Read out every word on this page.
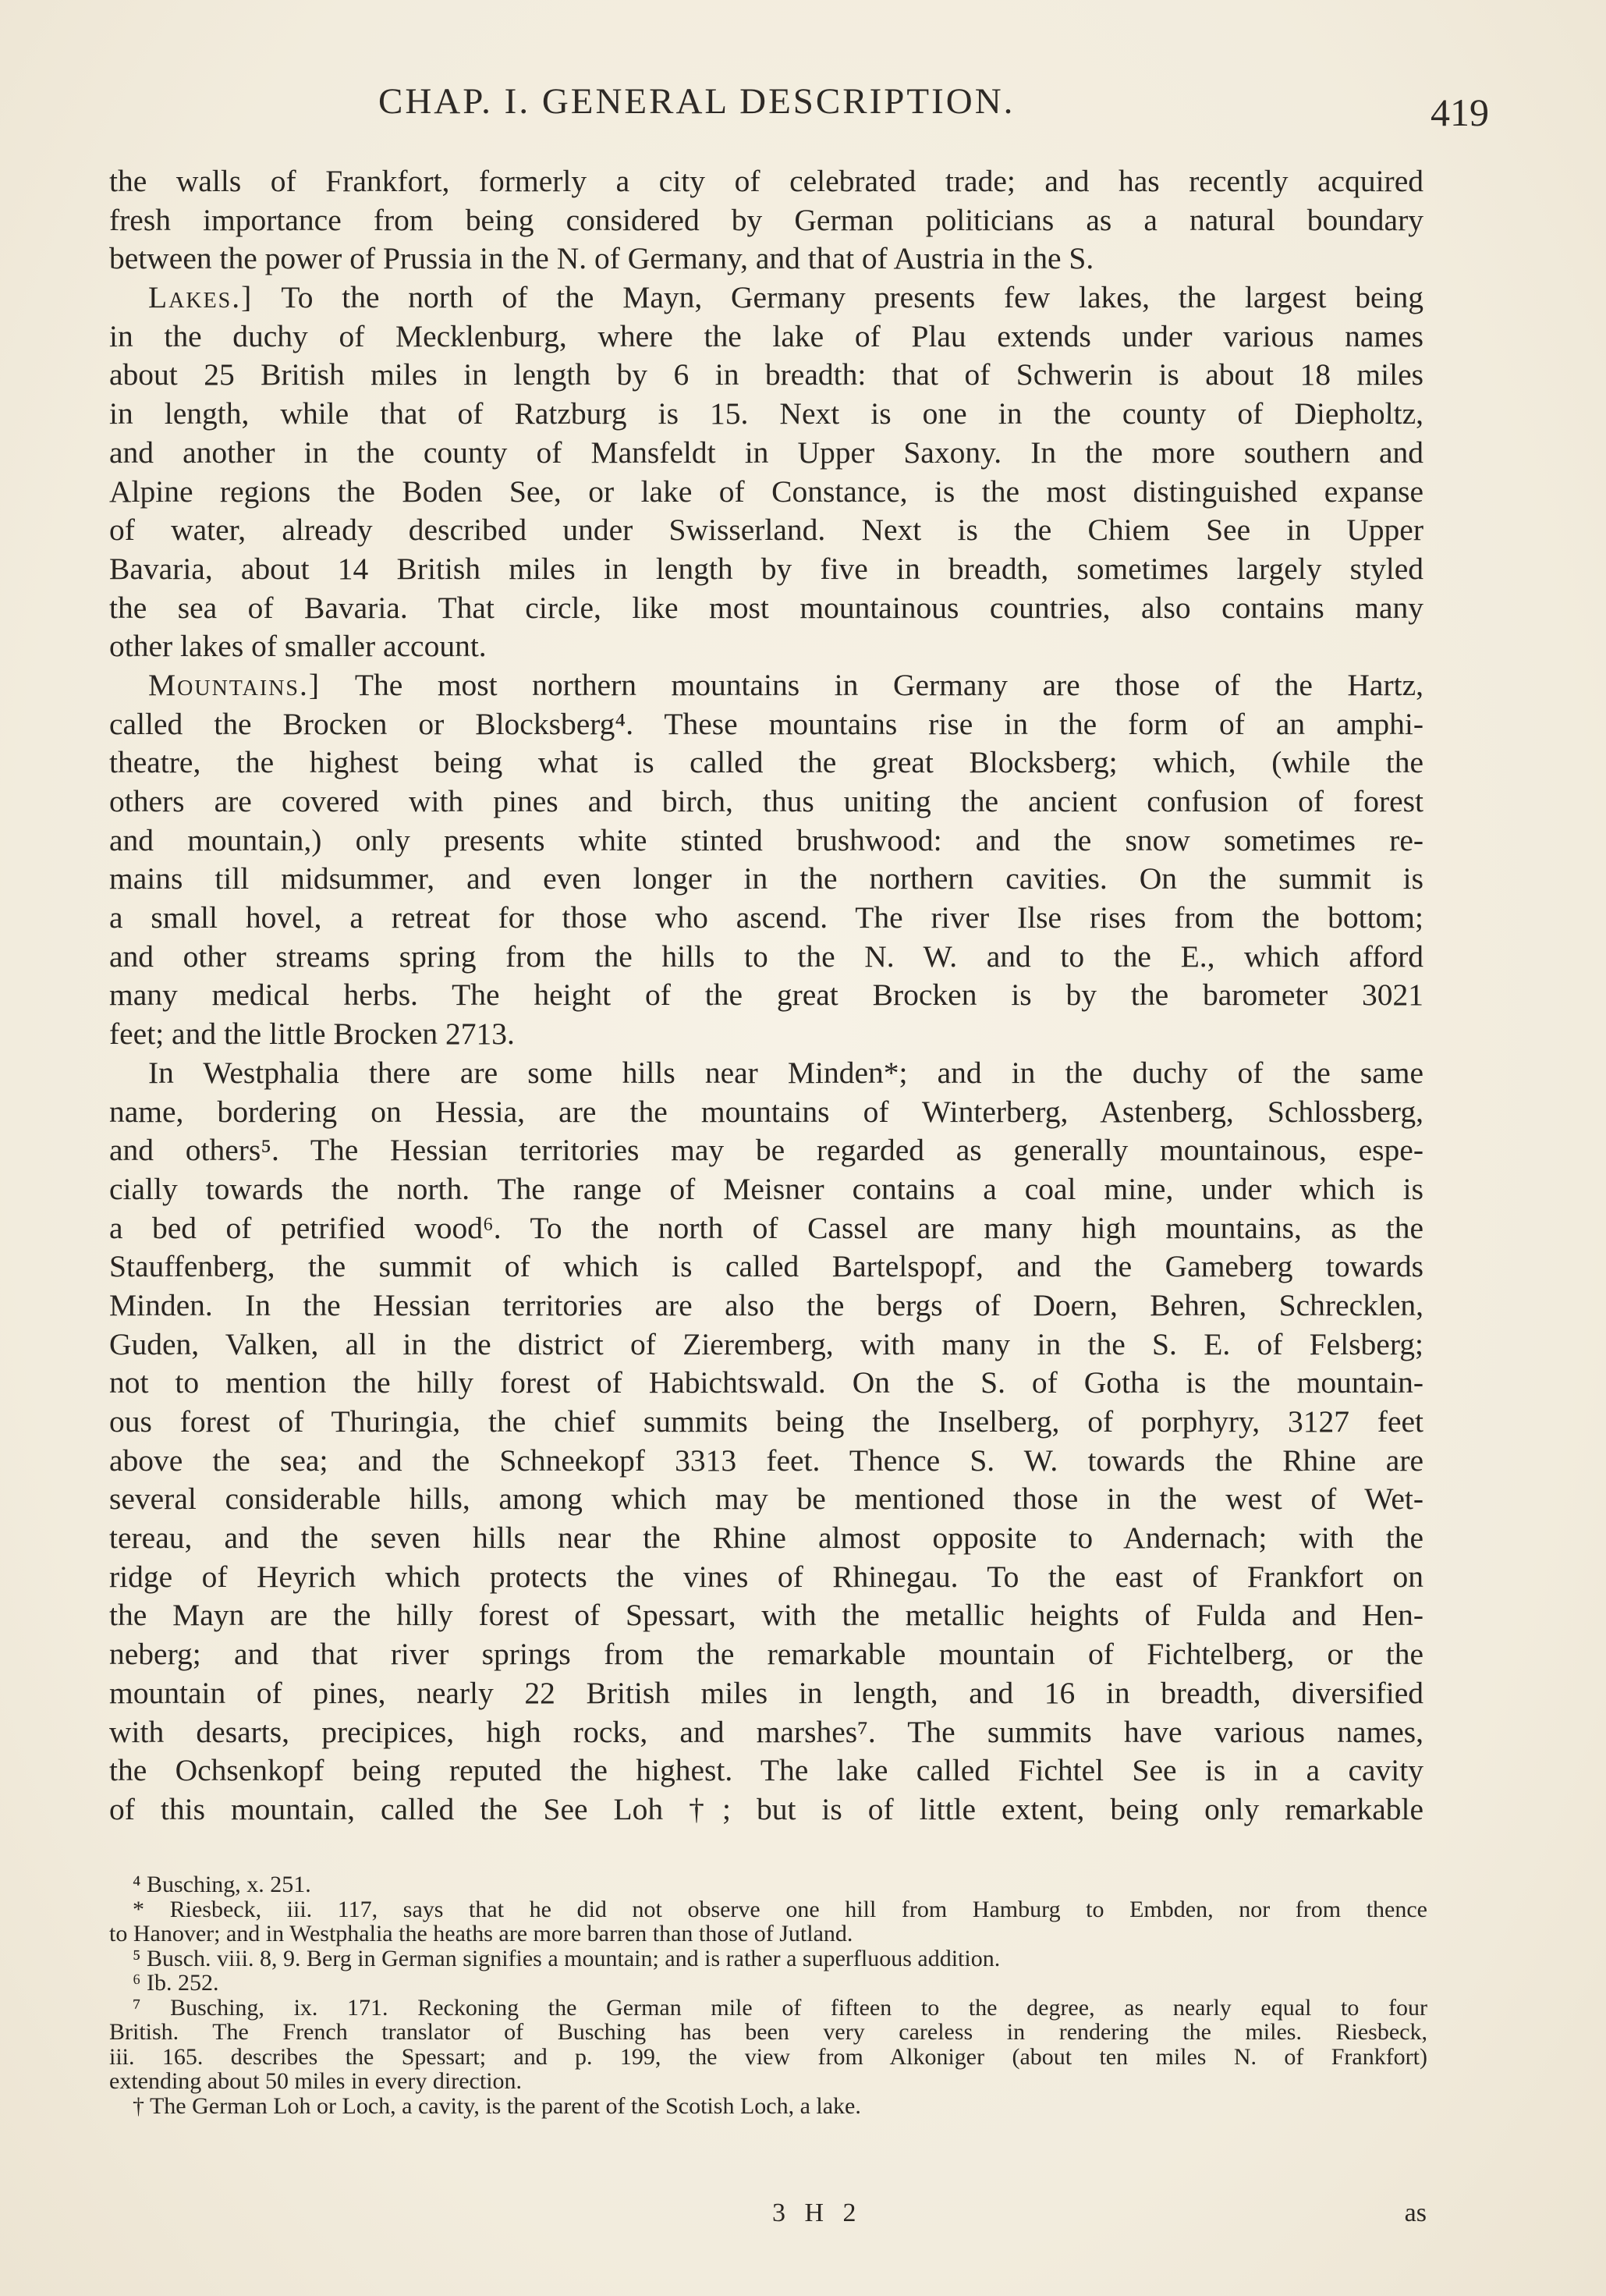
CHAP. I. GENERAL DESCRIPTION.	419
the walls of Frankfort, formerly a city of celebrated trade; and has recently acquired
fresh importance from being considered by German politicians as a natural boundary
between the power of Prussia in the N. of Germany, and that of Austria in the S.
Lakes.] To the north of the Mayn, Germany presents few lakes, the largest being
in the duchy of Mecklenburg, where the lake of Plau extends under various names
about 25 British miles in length by 6 in breadth: that of Schwerin is about 18 miles
in length, while that of Ratzburg is 15. Next is one in the county of Diepholtz,
and another in the county of Mansfeldt in Upper Saxony. In the more southern and
Alpine regions the Boden See, or lake of Constance, is the most distinguished expanse
of water, already described under Swisserland. Next is the Chiem See in Upper
Bavaria, about 14 British miles in length by five in breadth, sometimes largely styled
the sea of Bavaria. That circle, like most mountainous countries, also contains many
other lakes of smaller account.
Mountains.] The most northern mountains in Germany are those of the Hartz,
called the Brocken or Blocksberg⁴. These mountains rise in the form of an amphi-
theatre, the highest being what is called the great Blocksberg; which, (while the
others are covered with pines and birch, thus uniting the ancient confusion of forest
and mountain,) only presents white stinted brushwood: and the snow sometimes re-
mains till midsummer, and even longer in the northern cavities. On the summit is
a small hovel, a retreat for those who ascend. The river Ilse rises from the bottom;
and other streams spring from the hills to the N. W. and to the E., which afford
many medical herbs. The height of the great Brocken is by the barometer 3021
feet; and the little Brocken 2713.
In Westphalia there are some hills near Minden*; and in the duchy of the same
name, bordering on Hessia, are the mountains of Winterberg, Astenberg, Schlossberg,
and others⁵. The Hessian territories may be regarded as generally mountainous, espe-
cially towards the north. The range of Meisner contains a coal mine, under which is
a bed of petrified wood⁶. To the north of Cassel are many high mountains, as the
Stauffenberg, the summit of which is called Bartelspopf, and the Gameberg towards
Minden. In the Hessian territories are also the bergs of Doern, Behren, Schrecklen,
Guden, Valken, all in the district of Zieremberg, with many in the S. E. of Felsberg;
not to mention the hilly forest of Habichtswald. On the S. of Gotha is the mountain-
ous forest of Thuringia, the chief summits being the Inselberg, of porphyry, 3127 feet
above the sea; and the Schneekopf 3313 feet. Thence S. W. towards the Rhine are
several considerable hills, among which may be mentioned those in the west of Wet-
tereau, and the seven hills near the Rhine almost opposite to Andernach; with the
ridge of Heyrich which protects the vines of Rhinegau. To the east of Frankfort on
the Mayn are the hilly forest of Spessart, with the metallic heights of Fulda and Hen-
neberg; and that river springs from the remarkable mountain of Fichtelberg, or the
mountain of pines, nearly 22 British miles in length, and 16 in breadth, diversified
with desarts, precipices, high rocks, and marshes⁷. The summits have various names,
the Ochsenkopf being reputed the highest. The lake called Fichtel See is in a cavity
of this mountain, called the See Loh †; but is of little extent, being only remarkable
⁴ Busching, x. 251.
* Riesbeck, iii. 117, says that he did not observe one hill from Hamburg to Embden, nor from thence
to Hanover; and in Westphalia the heaths are more barren than those of Jutland.
⁵ Busch. viii. 8, 9. Berg in German signifies a mountain; and is rather a superfluous addition.
⁶ Ib. 252.
⁷ Busching, ix. 171. Reckoning the German mile of fifteen to the degree, as nearly equal to four
British. The French translator of Busching has been very careless in rendering the miles. Riesbeck,
iii. 165. describes the Spessart; and p. 199, the view from Alkoniger (about ten miles N. of Frankfort)
extending about 50 miles in every direction.
† The German Loh or Loch, a cavity, is the parent of the Scotish Loch, a lake.
3 H 2	as
